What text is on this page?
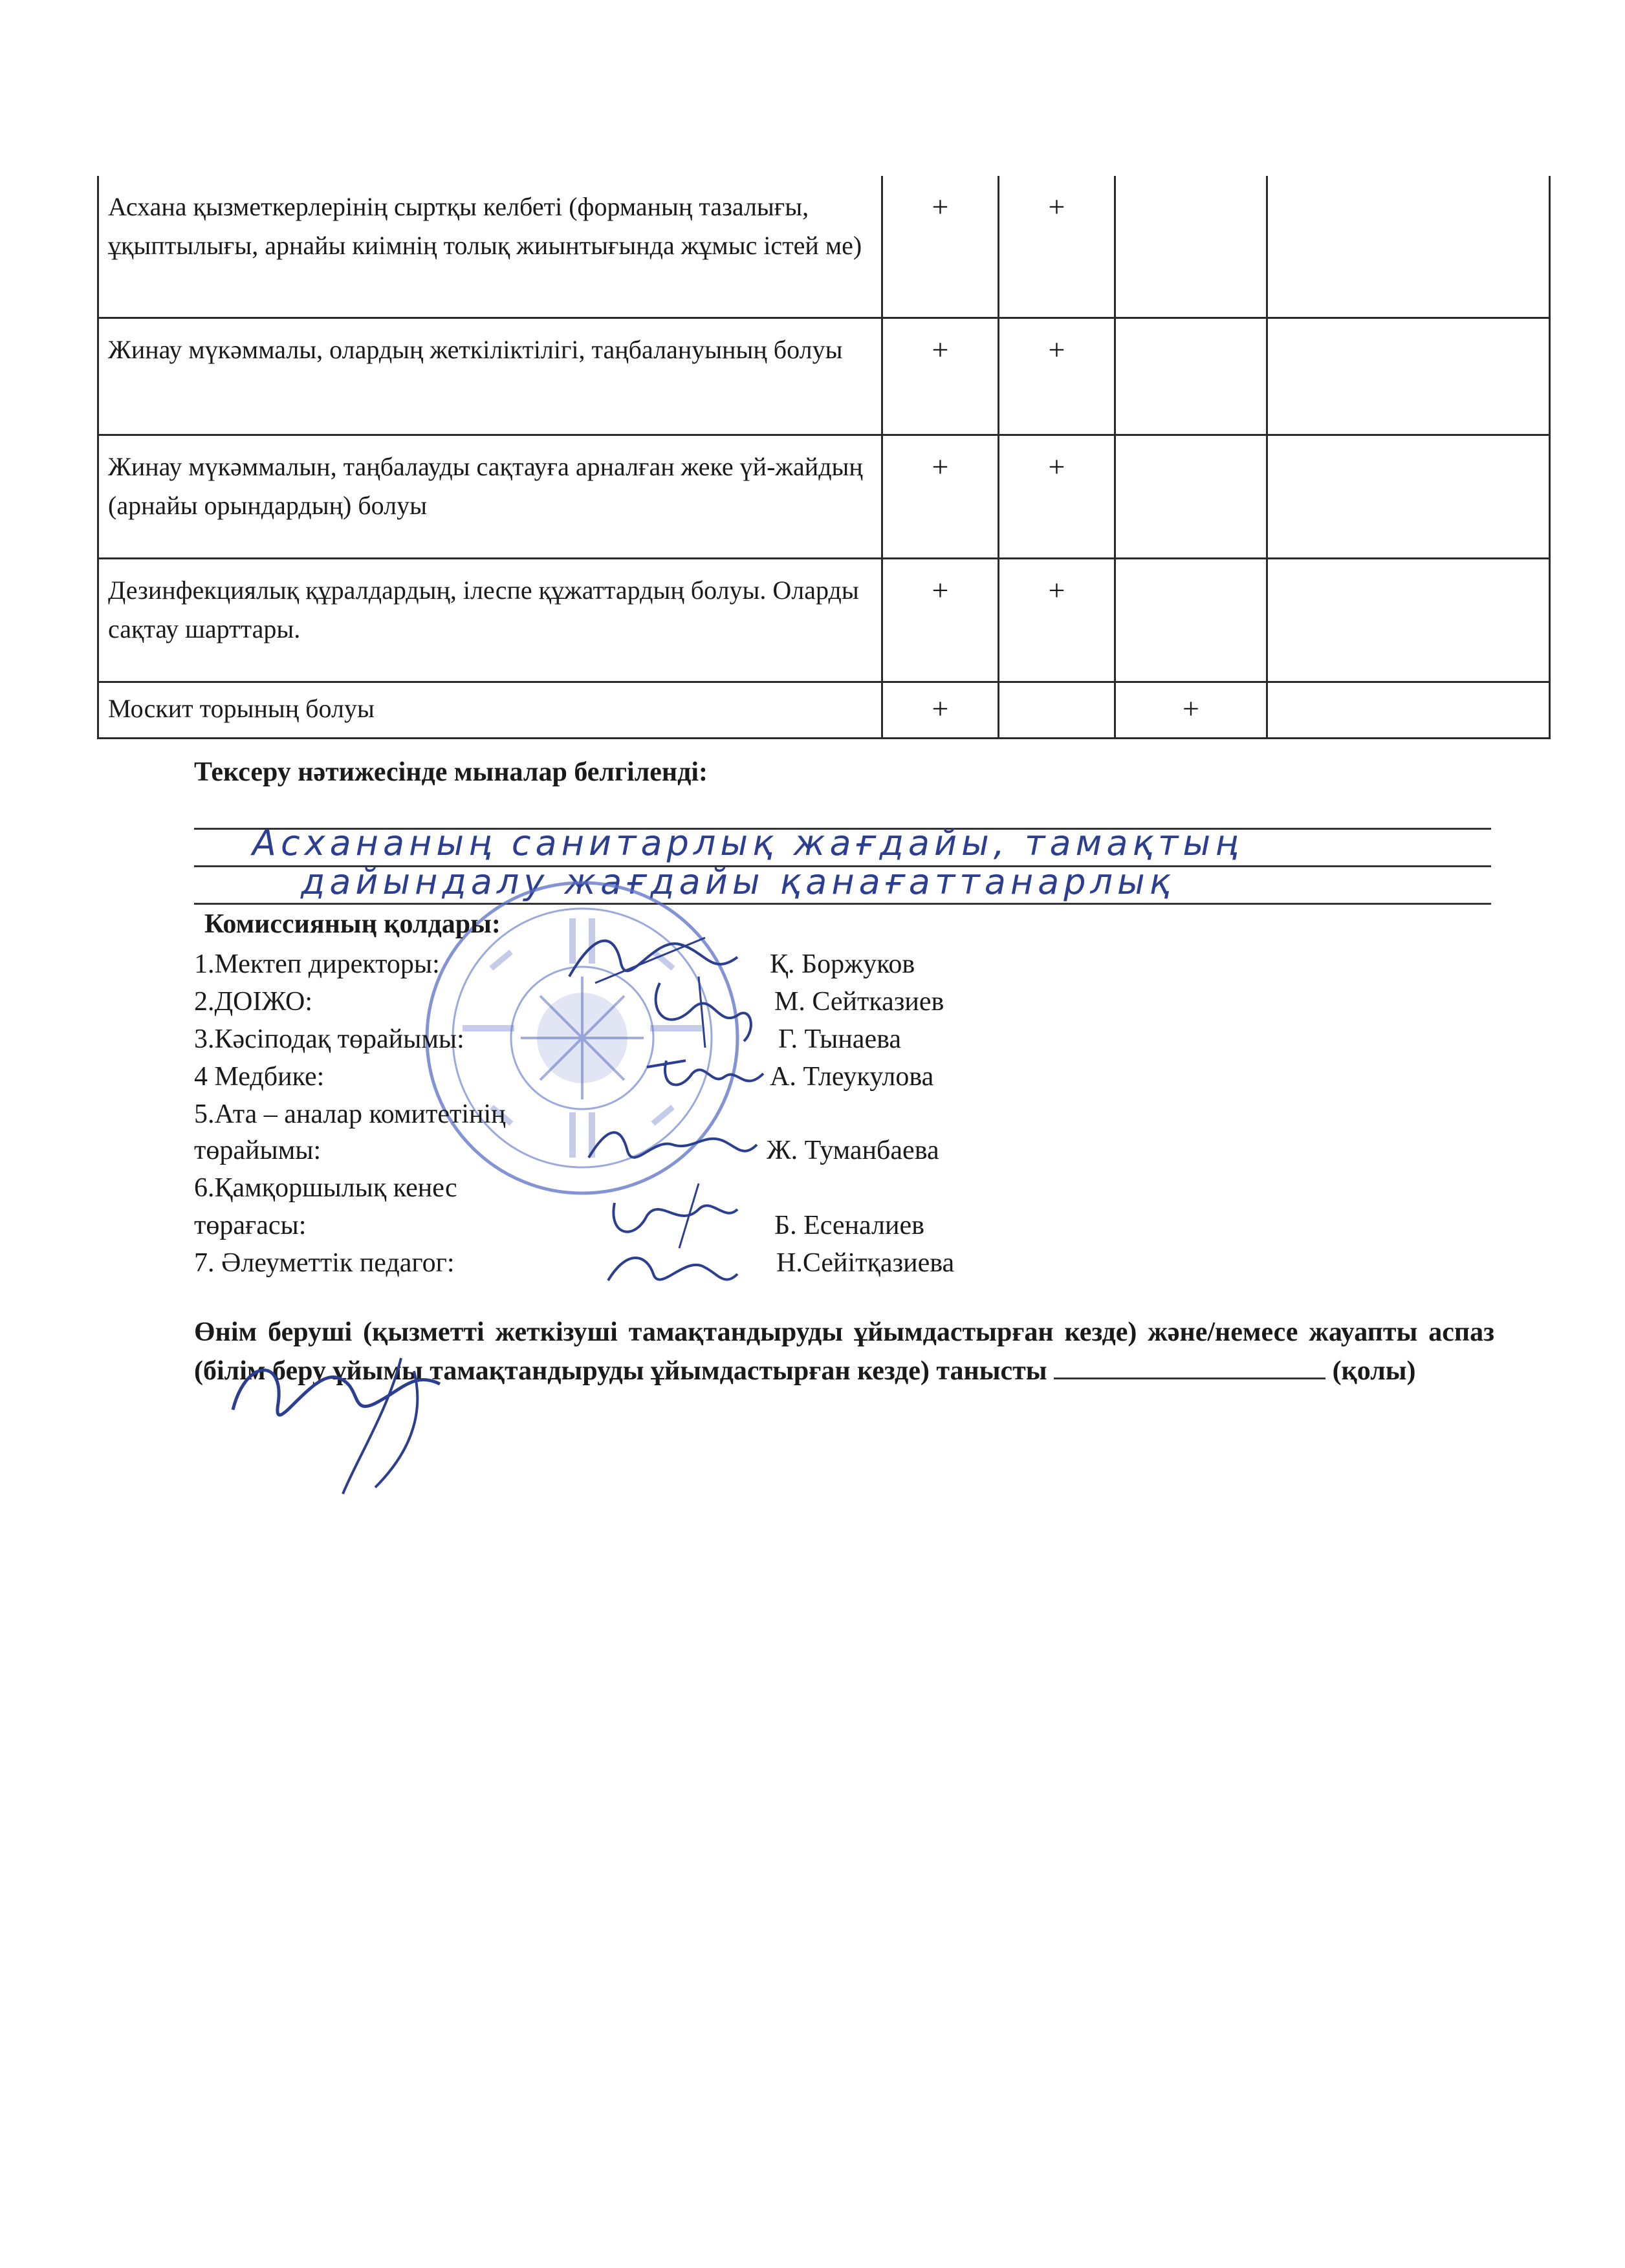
Асхана қызметкерлерінің сыртқы келбеті (форманың тазалығы, ұқыптылығы, арнайы киімнің толық жиынтығында жұмыс істей ме)	+	+		
Жинау мүкәммалы, олардың жеткіліктілігі, таңбалануының болуы	+	+		
Жинау мүкәммалын, таңбалауды сақтауға арналған жеке үй-жайдың (арнайы орындардың) болуы	+	+		
Дезинфекциялық құралдардың, ілеспе құжаттардың болуы. Оларды сақтау шарттары.	+	+		
Москит торының болуы	+		+	
Тексеру нәтижесінде мыналар белгіленді:
Асхананың санитарлық жағдайы, тамақтың
дайындалу жағдайы қанағаттанарлық
Комиссияның қолдары:
1.Мектеп директоры:	Қ. Боржуков
2.ДОІЖО:	М. Сейтказиев
3.Кәсіподақ төрайымы:	Г. Тынаева
4 Медбике:	А. Тлеукулова
5.Ата – аналар комитетінің
төрайымы:	Ж. Туманбаева
6.Қамқоршылық кенес
төрағасы:	Б. Есеналиев
7. Әлеуметтік педагог:	Н.Сейітқазиева
Өнім беруші (қызметті жеткізуші тамақтандыруды ұйымдастырған кезде) және/немесе жауапты аспаз (білім беру ұйымы тамақтандыруды ұйымдастырған кезде) танысты	(қолы)
